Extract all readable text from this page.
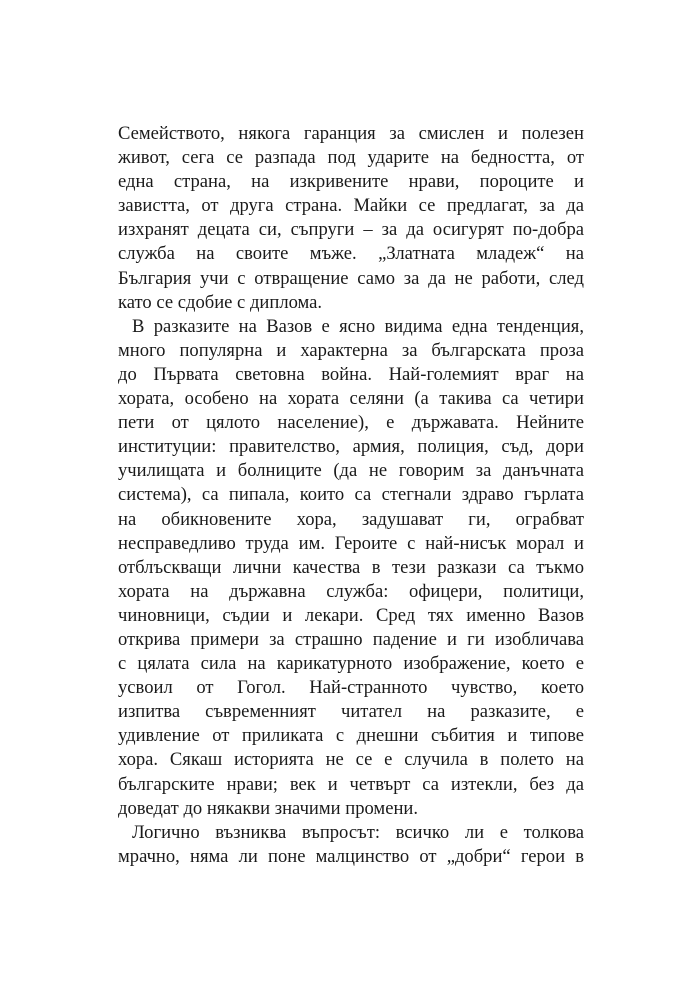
Семейството, някога гаранция за смислен и полезен
живот, сега се разпада под ударите на бедността, от
една страна, на изкривените нрави, пороците и
завистта, от друга страна. Майки се предлагат, за да
изхранят децата си, съпруги – за да осигурят по-добра
служба на своите мъже. „Златната младеж“ на
България учи с отвращение само за да не работи, след
като се сдобие с диплома.
В разказите на Вазов е ясно видима една тенденция,
много популярна и характерна за българската проза
до Първата световна война. Най-големият враг на
хората, особено на хората селяни (а такива са четири
пети от цялото население), е държавата. Нейните
институции: правителство, армия, полиция, съд, дори
училищата и болниците (да не говорим за данъчната
система), са пипала, които са стегнали здраво гърлата
на обикновените хора, задушават ги, ограбват
несправедливо труда им. Героите с най-нисък морал и
отблъскващи лични качества в тези разкази са тъкмо
хората на държавна служба: офицери, политици,
чиновници, съдии и лекари. Сред тях именно Вазов
открива примери за страшно падение и ги изобличава
с цялата сила на карикатурното изображение, което е
усвоил от Гогол. Най-странното чувство, което
изпитва съвременният читател на разказите, е
удивление от приликата с днешни събития и типове
хора. Сякаш историята не се е случила в полето на
българските нрави; век и четвърт са изтекли, без да
доведат до някакви значими промени.
Логично възниква въпросът: всичко ли е толкова
мрачно, няма ли поне малцинство от „добри“ герои в
